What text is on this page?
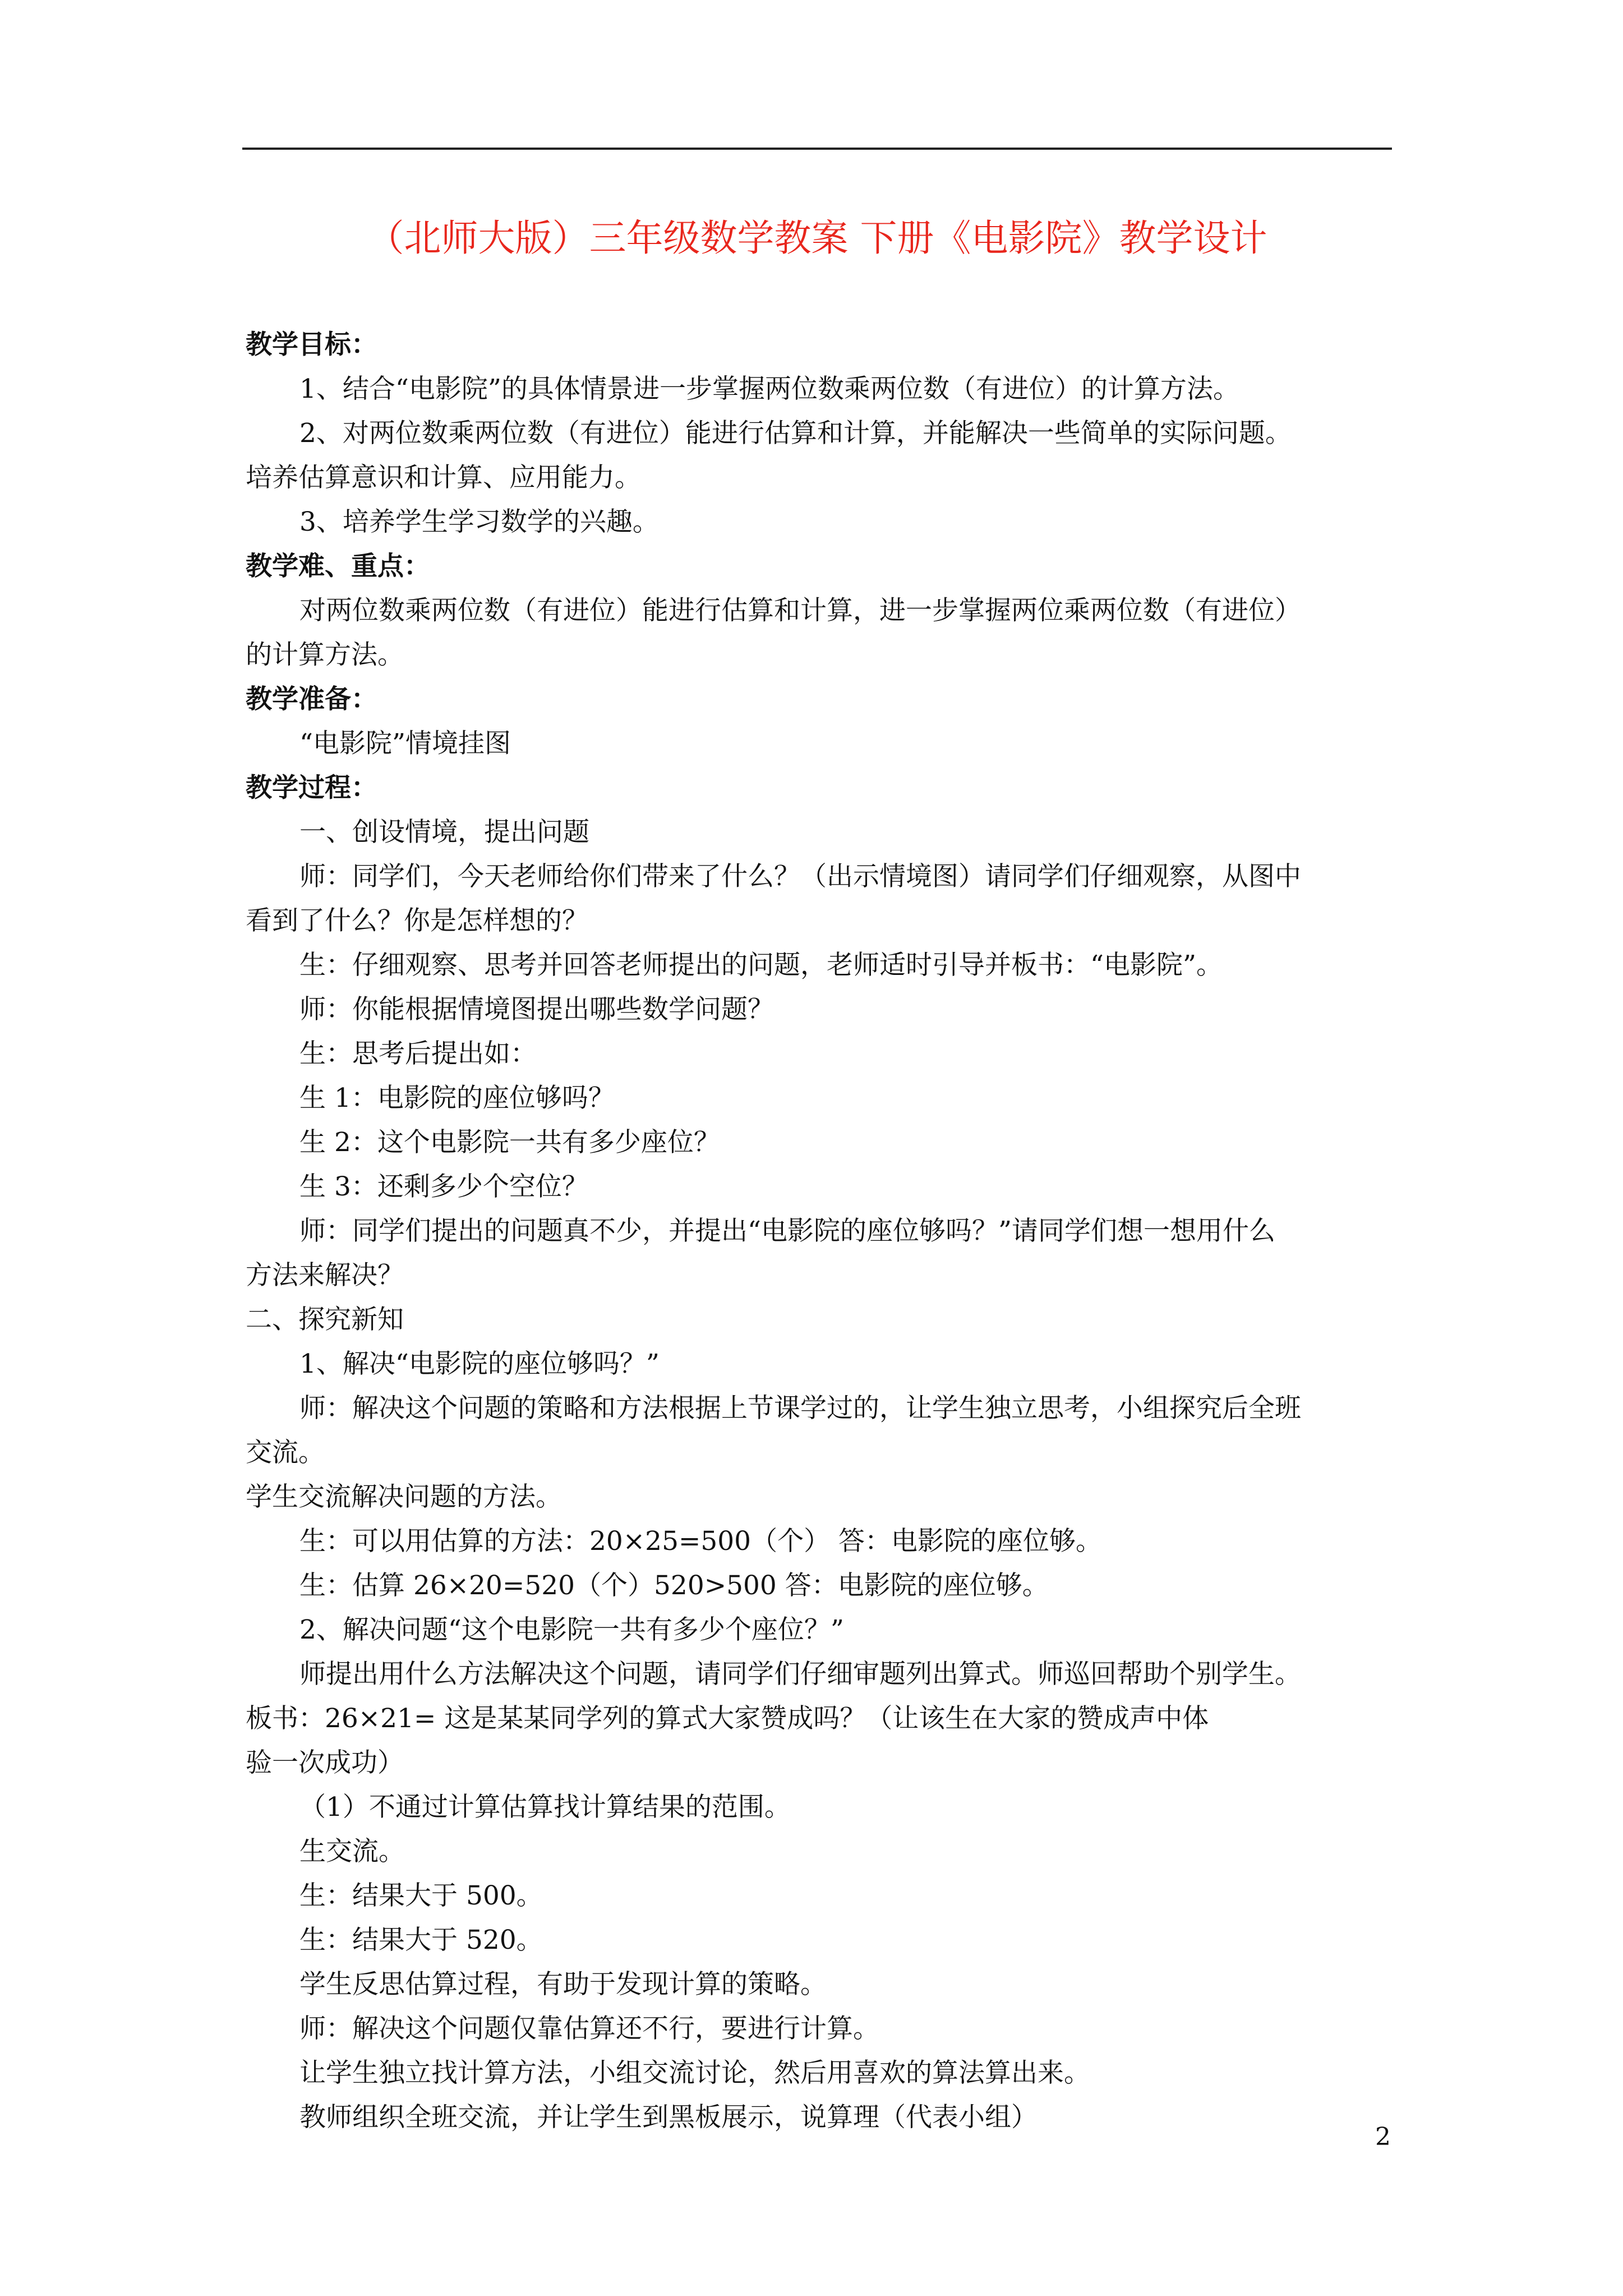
（北师大版）三年级数学教案 下册《电影院》教学设计
教学目标：
1、结合“电影院”的具体情景进一步掌握两位数乘两位数（有进位）的计算方法。
2、对两位数乘两位数（有进位）能进行估算和计算，并能解决一些简单的实际问题。
培养估算意识和计算、应用能力。
3、培养学生学习数学的兴趣。
教学难、重点：
对两位数乘两位数（有进位）能进行估算和计算，进一步掌握两位乘两位数（有进位）
的计算方法。
教学准备：
“电影院”情境挂图
教学过程：
一、创设情境，提出问题
师：同学们，今天老师给你们带来了什么？（出示情境图）请同学们仔细观察，从图中
看到了什么？你是怎样想的？
生：仔细观察、思考并回答老师提出的问题，老师适时引导并板书：“电影院”。
师：你能根据情境图提出哪些数学问题？
生：思考后提出如：
生 1：电影院的座位够吗？
生 2：这个电影院一共有多少座位？
生 3：还剩多少个空位？
师：同学们提出的问题真不少，并提出“电影院的座位够吗？”请同学们想一想用什么
方法来解决？
二、探究新知
1、解决“电影院的座位够吗？”
师：解决这个问题的策略和方法根据上节课学过的，让学生独立思考，小组探究后全班
交流。
学生交流解决问题的方法。
生：可以用估算的方法：20×25=500（个） 答：电影院的座位够。
生：估算 26×20=520（个）520>500 答：电影院的座位够。
2、解决问题“这个电影院一共有多少个座位？”
师提出用什么方法解决这个问题，请同学们仔细审题列出算式。师巡回帮助个别学生。
板书：26×21= 这是某某同学列的算式大家赞成吗？（让该生在大家的赞成声中体
验一次成功）
（1）不通过计算估算找计算结果的范围。
生交流。
生：结果大于 500。
生：结果大于 520。
学生反思估算过程，有助于发现计算的策略。
师：解决这个问题仅靠估算还不行，要进行计算。
让学生独立找计算方法，小组交流讨论，然后用喜欢的算法算出来。
教师组织全班交流，并让学生到黑板展示，说算理（代表小组）
2
